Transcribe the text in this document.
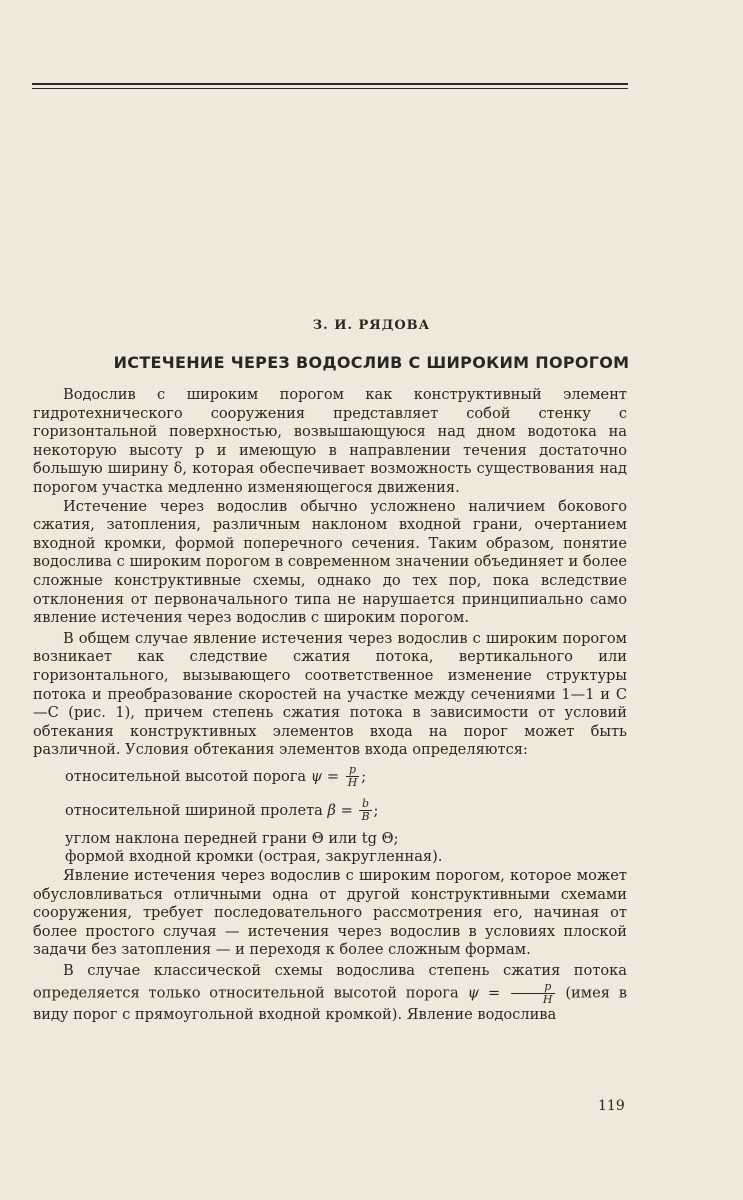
З. И. РЯДОВА
ИСТЕЧЕНИЕ ЧЕРЕЗ ВОДОСЛИВ С ШИРОКИМ ПОРОГОМ

Водослив с широким порогом как конструктивный элемент гидротехнического сооружения представляет собой стенку с горизонтальной поверхностью, возвышающуюся над дном водотока на некоторую высоту p и имеющую в направлении течения достаточно большую ширину δ, которая обеспечивает возможность существования над порогом участка медленно изменяющегося движения.

Истечение через водослив обычно усложнено наличием бокового сжатия, затопления, различным наклоном входной грани, очертанием входной кромки, формой поперечного сечения. Таким образом, понятие водослива с широким порогом в современном значении объединяет и более сложные конструктивные схемы, однако до тех пор, пока вследствие отклонения от первоначального типа не нарушается принципиально само явление истечения через водослив с широким порогом.

В общем случае явление истечения через водослив с широким порогом возникает как следствие сжатия потока, вертикального или горизонтального, вызывающего соответственное изменение структуры потока и преобразование скоростей на участке между сечениями 1—1 и С—С (рис. 1), причем степень сжатия потока в зависимости от условий обтекания конструктивных элементов входа на порог может быть различной. Условия обтекания элементов входа определяются:

относительной высотой порога $\psi = \frac{p}{H}$ ;
относительной шириной пролета $\beta = \frac{b}{B}$ ;
углом наклона передней грани Θ или tg Θ;
формой входной кромки (острая, закругленная).

Явление истечения через водослив с широким порогом, которое может обусловливаться отличными одна от другой конструктивными схемами сооружения, требует последовательного рассмотрения его, начиная от более простого случая — истечения через водослив в условиях плоской задачи без затопления — и переходя к более сложным формам.

В случае классической схемы водослива степень сжатия потока определяется только относительной высотой порога $\psi = \frac{p}{H}$ (имея в виду порог с прямоугольной входной кромкой). Явление водослива

119
